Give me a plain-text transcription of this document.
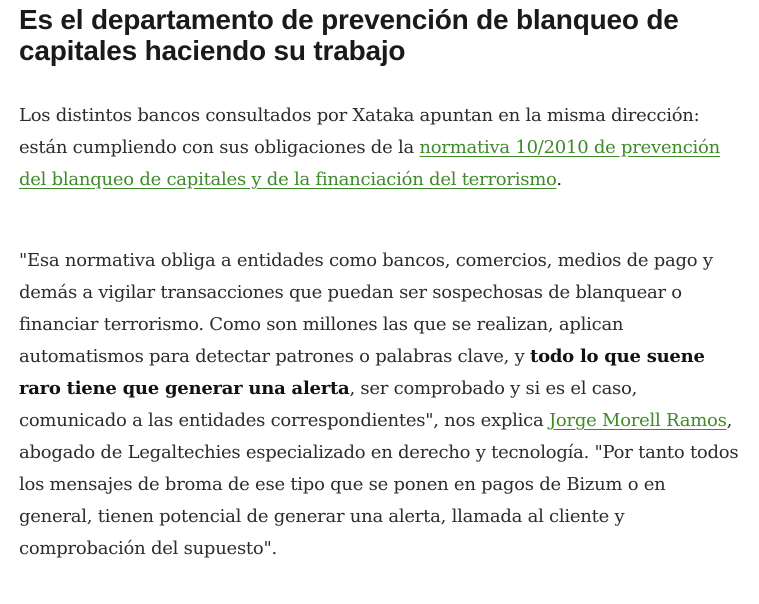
Es el departamento de prevención de blanqueo de capitales haciendo su trabajo

Los distintos bancos consultados por Xataka apuntan en la misma dirección: están cumpliendo con sus obligaciones de la normativa 10/2010 de prevención del blanqueo de capitales y de la financiación del terrorismo.

"Esa normativa obliga a entidades como bancos, comercios, medios de pago y demás a vigilar transacciones que puedan ser sospechosas de blanquear o financiar terrorismo. Como son millones las que se realizan, aplican automatismos para detectar patrones o palabras clave, y todo lo que suene raro tiene que generar una alerta, ser comprobado y si es el caso, comunicado a las entidades correspondientes", nos explica Jorge Morell Ramos, abogado de Legaltechies especializado en derecho y tecnología. "Por tanto todos los mensajes de broma de ese tipo que se ponen en pagos de Bizum o en general, tienen potencial de generar una alerta, llamada al cliente y comprobación del supuesto".
